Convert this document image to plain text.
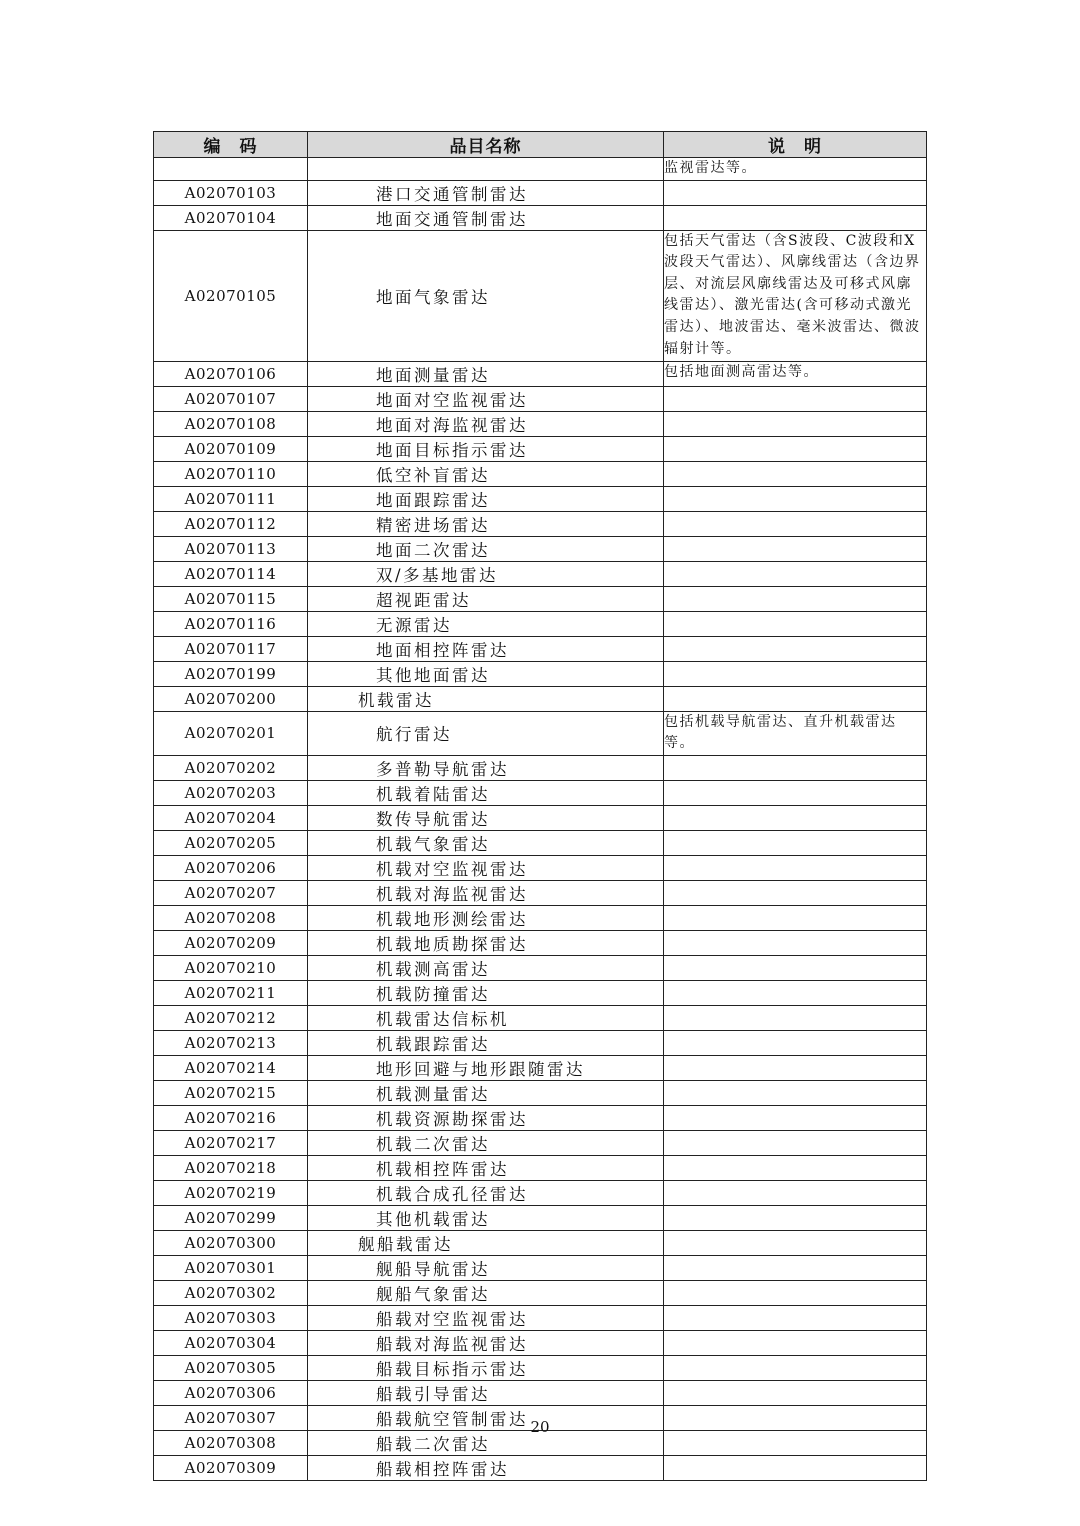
编　码	品目名称	说　明
		监视雷达等。
A02070103	港口交通管制雷达	
A02070104	地面交通管制雷达	
A02070105	地面气象雷达	包括天气雷达（含S波段、C波段和X波段天气雷达）、风廓线雷达（含边界层、对流层风廓线雷达及可移式风廓线雷达）、激光雷达(含可移动式激光雷达）、地波雷达、毫米波雷达、微波辐射计等。
A02070106	地面测量雷达	包括地面测高雷达等。
A02070107	地面对空监视雷达	
A02070108	地面对海监视雷达	
A02070109	地面目标指示雷达	
A02070110	低空补盲雷达	
A02070111	地面跟踪雷达	
A02070112	精密进场雷达	
A02070113	地面二次雷达	
A02070114	双/多基地雷达	
A02070115	超视距雷达	
A02070116	无源雷达	
A02070117	地面相控阵雷达	
A02070199	其他地面雷达	
A02070200	机载雷达	
A02070201	航行雷达	包括机载导航雷达、直升机载雷达等。
A02070202	多普勒导航雷达	
A02070203	机载着陆雷达	
A02070204	数传导航雷达	
A02070205	机载气象雷达	
A02070206	机载对空监视雷达	
A02070207	机载对海监视雷达	
A02070208	机载地形测绘雷达	
A02070209	机载地质勘探雷达	
A02070210	机载测高雷达	
A02070211	机载防撞雷达	
A02070212	机载雷达信标机	
A02070213	机载跟踪雷达	
A02070214	地形回避与地形跟随雷达	
A02070215	机载测量雷达	
A02070216	机载资源勘探雷达	
A02070217	机载二次雷达	
A02070218	机载相控阵雷达	
A02070219	机载合成孔径雷达	
A02070299	其他机载雷达	
A02070300	舰船载雷达	
A02070301	舰船导航雷达	
A02070302	舰船气象雷达	
A02070303	船载对空监视雷达	
A02070304	船载对海监视雷达	
A02070305	船载目标指示雷达	
A02070306	船载引导雷达	
A02070307	船载航空管制雷达	
A02070308	船载二次雷达	
A02070309	船载相控阵雷达	
20
